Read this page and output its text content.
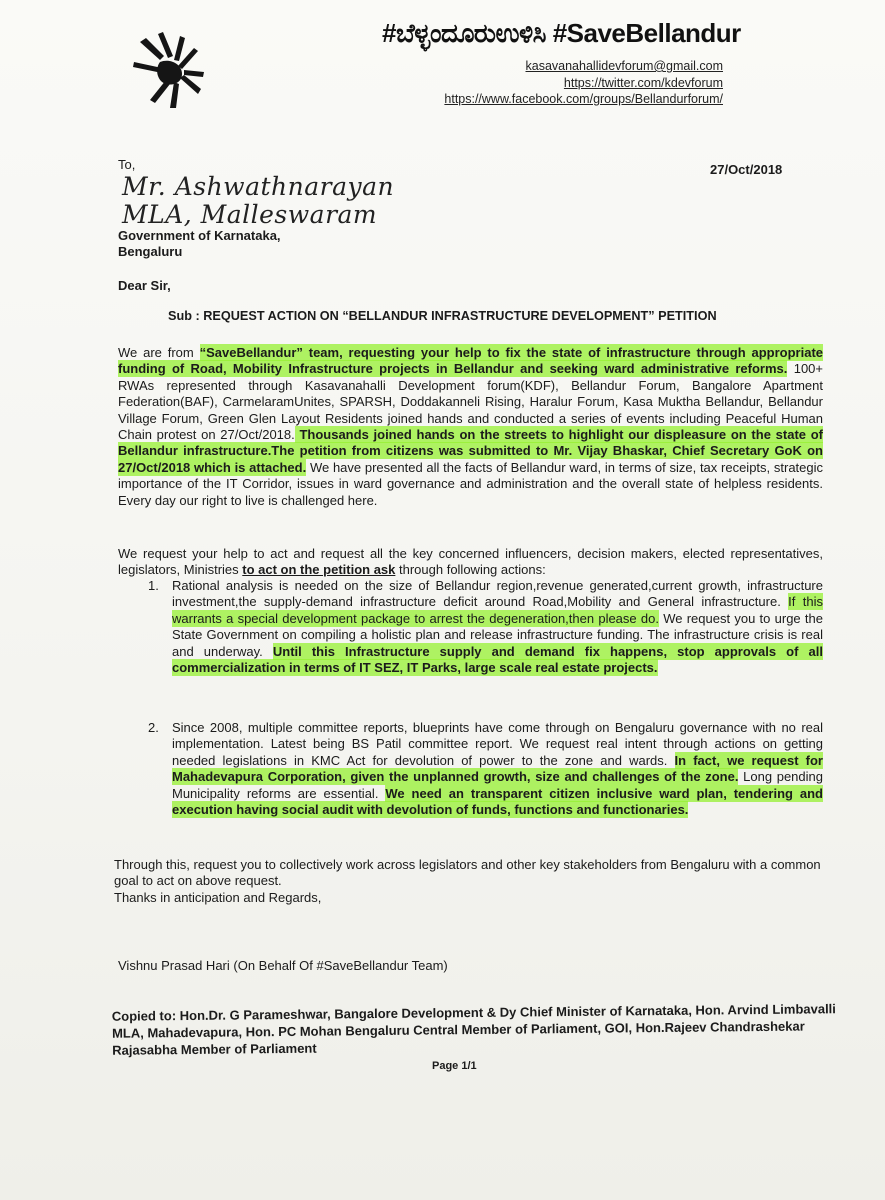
#ಬೆಳ್ಳಂದೂರುಉಳಿಸಿ #SaveBellandur
kasavanahallidevforum@gmail.com
https://twitter.com/kdevforum
https://www.facebook.com/groups/Bellandurforum/
To,	27/Oct/2018
Mr. Ashwathnarayan
MLA, Malleswaram
Government of Karnataka,
Bengaluru
Dear Sir,
Sub : REQUEST ACTION ON “BELLANDUR INFRASTRUCTURE DEVELOPMENT” PETITION
We are from “SaveBellandur” team, requesting your help to fix the state of infrastructure through appropriate funding of Road, Mobility Infrastructure projects in Bellandur and seeking ward administrative reforms. 100+ RWAs represented through Kasavanahalli Development forum(KDF), Bellandur Forum, Bangalore Apartment Federation(BAF), CarmelaramUnites, SPARSH, Doddakanneli Rising, Haralur Forum, Kasa Muktha Bellandur, Bellandur Village Forum, Green Glen Layout Residents joined hands and conducted a series of events including Peaceful Human Chain protest on 27/Oct/2018. Thousands joined hands on the streets to highlight our displeasure on the state of Bellandur infrastructure.The petition from citizens was submitted to Mr. Vijay Bhaskar, Chief Secretary GoK on 27/Oct/2018 which is attached. We have presented all the facts of Bellandur ward, in terms of size, tax receipts, strategic importance of the IT Corridor, issues in ward governance and administration and the overall state of helpless residents. Every day our right to live is challenged here.
We request your help to act and request all the key concerned influencers, decision makers, elected representatives, legislators, Ministries to act on the petition ask through following actions:
1. Rational analysis is needed on the size of Bellandur region,revenue generated,current growth, infrastructure investment,the supply-demand infrastructure deficit around Road,Mobility and General infrastructure. If this warrants a special development package to arrest the degeneration,then please do. We request you to urge the State Government on compiling a holistic plan and release infrastructure funding. The infrastructure crisis is real and underway. Until this Infrastructure supply and demand fix happens, stop approvals of all commercialization in terms of IT SEZ, IT Parks, large scale real estate projects.
2. Since 2008, multiple committee reports, blueprints have come through on Bengaluru governance with no real implementation. Latest being BS Patil committee report. We request real intent through actions on getting needed legislations in KMC Act for devolution of power to the zone and wards. In fact, we request for Mahadevapura Corporation, given the unplanned growth, size and challenges of the zone. Long pending Municipality reforms are essential. We need an transparent citizen inclusive ward plan, tendering and execution having social audit with devolution of funds, functions and functionaries.
Through this, request you to collectively work across legislators and other key stakeholders from Bengaluru with a common goal to act on above request.
Thanks in anticipation and Regards,
Vishnu Prasad Hari (On Behalf Of #SaveBellandur Team)
Copied to: Hon.Dr. G Parameshwar, Bangalore Development & Dy Chief Minister of Karnataka, Hon. Arvind Limbavalli MLA, Mahadevapura, Hon. PC Mohan Bengaluru Central Member of Parliament, GOI, Hon.Rajeev Chandrashekar Rajasabha Member of Parliament
Page 1/1
